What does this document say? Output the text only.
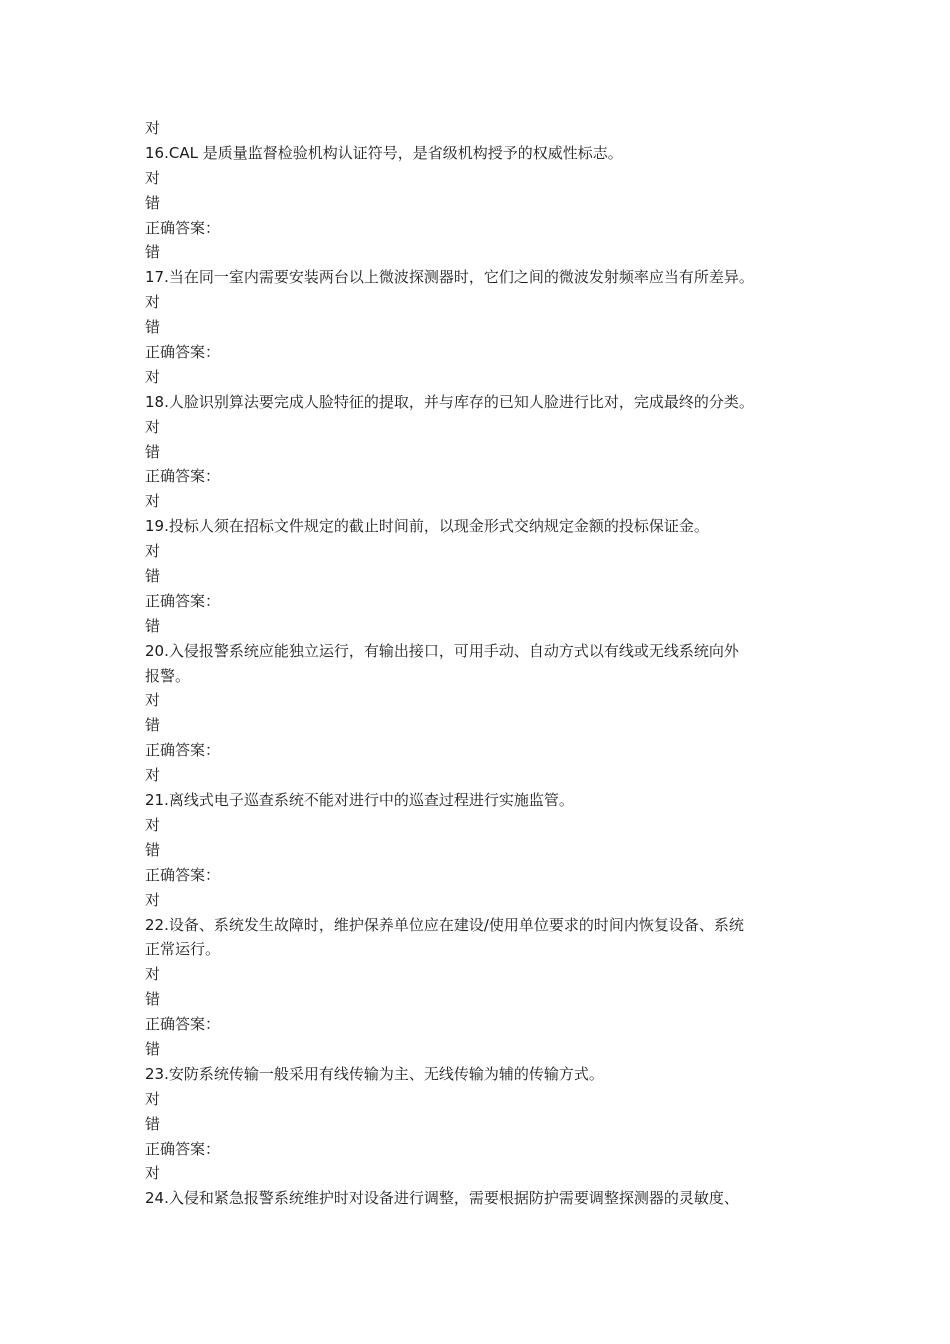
对
16.CAL 是质量监督检验机构认证符号，是省级机构授予的权威性标志。
对
错
正确答案：
错
17.当在同一室内需要安装两台以上微波探测器时，它们之间的微波发射频率应当有所差异。
对
错
正确答案：
对
18.人脸识别算法要完成人脸特征的提取，并与库存的已知人脸进行比对，完成最终的分类。
对
错
正确答案：
对
19.投标人须在招标文件规定的截止时间前，以现金形式交纳规定金额的投标保证金。
对
错
正确答案：
错
20.入侵报警系统应能独立运行，有输出接口，可用手动、自动方式以有线或无线系统向外
报警。
对
错
正确答案：
对
21.离线式电子巡查系统不能对进行中的巡查过程进行实施监管。
对
错
正确答案：
对
22.设备、系统发生故障时，维护保养单位应在建设/使用单位要求的时间内恢复设备、系统
正常运行。
对
错
正确答案：
错
23.安防系统传输一般采用有线传输为主、无线传输为辅的传输方式。
对
错
正确答案：
对
24.入侵和紧急报警系统维护时对设备进行调整，需要根据防护需要调整探测器的灵敏度、
